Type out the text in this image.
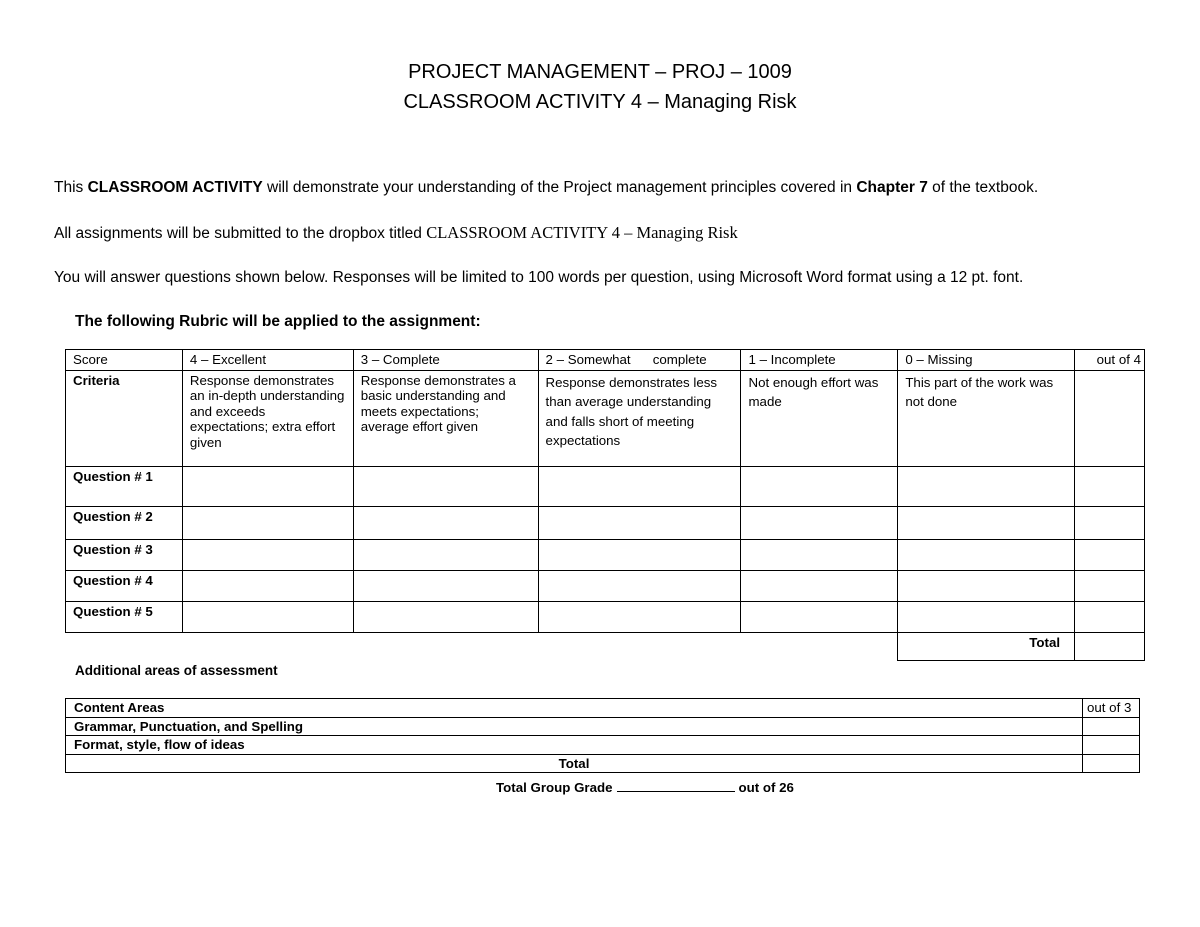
PROJECT MANAGEMENT – PROJ – 1009
CLASSROOM ACTIVITY 4 – Managing Risk
This CLASSROOM ACTIVITY will demonstrate your understanding of the Project management principles covered in Chapter 7 of the textbook.
All assignments will be submitted to the dropbox titled CLASSROOM ACTIVITY 4 – Managing Risk
You will answer questions shown below. Responses will be limited to 100 words per question, using Microsoft Word format using a 12 pt. font.
The following Rubric will be applied to the assignment:
Score	4 – Excellent	3 – Complete	2 – Somewhat      complete	1 – Incomplete	0 – Missing	out of 4
Criteria	Response demonstrates an in-depth understanding and exceeds expectations; extra effort given	Response demonstrates a basic understanding and meets expectations; average effort given	Response demonstrates less than average understanding and falls short of meeting expectations	Not enough effort was made	This part of the work was not done	
Question # 1						
Question # 2						
Question # 3						
Question # 4						
Question # 5						
					Total	
Additional areas of assessment
Content Areas	out of 3
Grammar, Punctuation, and Spelling	
Format, style, flow of ideas	
Total	
Total Group Grade	out of 26
